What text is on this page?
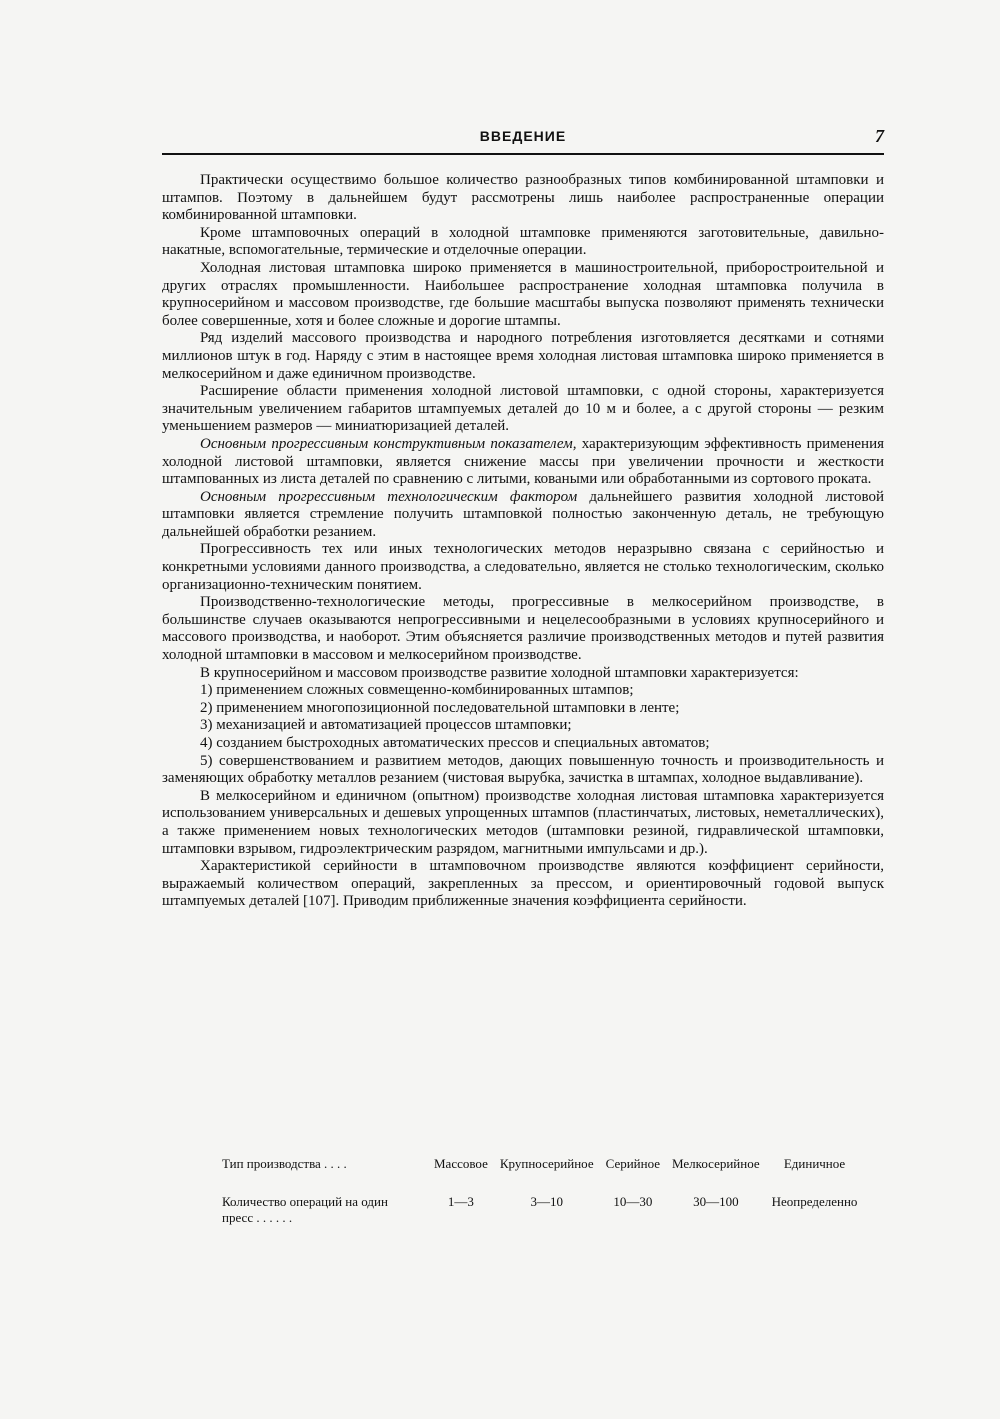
ВВЕДЕНИЕ	7

Практически осуществимо большое количество разнообразных типов комбинированной штамповки и штампов. Поэтому в дальнейшем будут рассмотрены лишь наиболее распространенные операции комбинированной штамповки.

Кроме штамповочных операций в холодной штамповке применяются заготовительные, давильно-накатные, вспомогательные, термические и отделочные операции.

Холодная листовая штамповка широко применяется в машиностроительной, приборостроительной и других отраслях промышленности. Наибольшее распространение холодная штамповка получила в крупносерийном и массовом производстве, где большие масштабы выпуска позволяют применять технически более совершенные, хотя и более сложные и дорогие штампы.

Ряд изделий массового производства и народного потребления изготовляется десятками и сотнями миллионов штук в год. Наряду с этим в настоящее время холодная листовая штамповка широко применяется в мелкосерийном и даже единичном производстве.

Расширение области применения холодной листовой штамповки, с одной стороны, характеризуется значительным увеличением габаритов штампуемых деталей до 10 м и более, а с другой стороны — резким уменьшением размеров — миниатюризацией деталей.

Основным прогрессивным конструктивным показателем, характеризующим эффективность применения холодной листовой штамповки, является снижение массы при увеличении прочности и жесткости штампованных из листа деталей по сравнению с литыми, коваными или обработанными из сортового проката.

Основным прогрессивным технологическим фактором дальнейшего развития холодной листовой штамповки является стремление получить штамповкой полностью законченную деталь, не требующую дальнейшей обработки резанием.

Прогрессивность тех или иных технологических методов неразрывно связана с серийностью и конкретными условиями данного производства, а следовательно, является не столько технологическим, сколько организационно-техническим понятием.

Производственно-технологические методы, прогрессивные в мелкосерийном производстве, в большинстве случаев оказываются непрогрессивными и нецелесообразными в условиях крупносерийного и массового производства, и наоборот. Этим объясняется различие производственных методов и путей развития холодной штамповки в массовом и мелкосерийном производстве.

В крупносерийном и массовом производстве развитие холодной штамповки характеризуется:

1) применением сложных совмещенно-комбинированных штампов;
2) применением многопозиционной последовательной штамповки в ленте;
3) механизацией и автоматизацией процессов штамповки;
4) созданием быстроходных автоматических прессов и специальных автоматов;
5) совершенствованием и развитием методов, дающих повышенную точность и производительность и заменяющих обработку металлов резанием (чистовая вырубка, зачистка в штампах, холодное выдавливание).

В мелкосерийном и единичном (опытном) производстве холодная листовая штамповка характеризуется использованием универсальных и дешевых упрощенных штампов (пластинчатых, листовых, неметаллических), а также применением новых технологических методов (штамповки резиной, гидравлической штамповки, штамповки взрывом, гидроэлектрическим разрядом, магнитными импульсами и др.).

Характеристикой серийности в штамповочном производстве являются коэффициент серийности, выражаемый количеством операций, закрепленных за прессом, и ориентировочный годовой выпуск штампуемых деталей [107]. Приводим приближенные значения коэффициента серийности.

Тип производства . . . .	Массовое	Крупносерийное	Серийное	Мелкосерийное	Единичное
Количество операций на один пресс . . . . . .	1—3	3—10	10—30	30—100	Неопределенно
